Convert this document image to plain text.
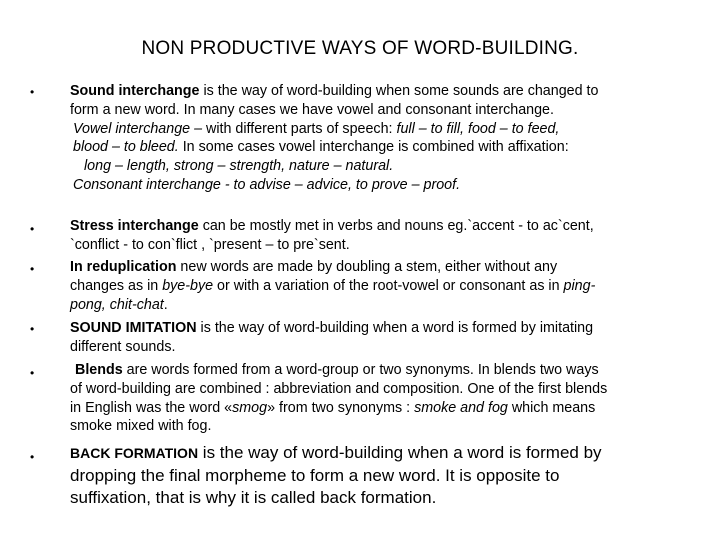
NON PRODUCTIVE WAYS OF WORD-BUILDING.
•	Sound interchange is the way of word-building when some sounds are changed to
form a new word. In many cases we have vowel and consonant interchange.
Vowel interchange – with different parts of speech: full – to fill, food – to feed,
blood – to bleed. In some cases vowel interchange is combined with affixation:
long – length, strong – strength, nature – natural.
Consonant interchange - to advise – advice, to prove – proof.
•	Stress interchange can be mostly met in verbs and nouns eg.`accent - to ac`cent,
`conflict - to con`flict , `present – to pre`sent.
•	In reduplication new words are made by doubling a stem, either without any
changes as in bye-bye or with a variation of the root-vowel or consonant as in ping-
pong, chit-chat.
•	SOUND IMITATION is the way of word-building when a word is formed by imitating
different sounds.
•	Blends are words formed from a word-group or two synonyms. In blends two ways
of word-building are combined : abbreviation and composition. One of the first blends
in English was the word «smog» from two synonyms : smoke and fog which means
smoke mixed with fog.
•	BACK FORMATION is the way of word-building when a word is formed by
dropping the final morpheme to form a new word. It is opposite to
suffixation, that is why it is called back formation.
